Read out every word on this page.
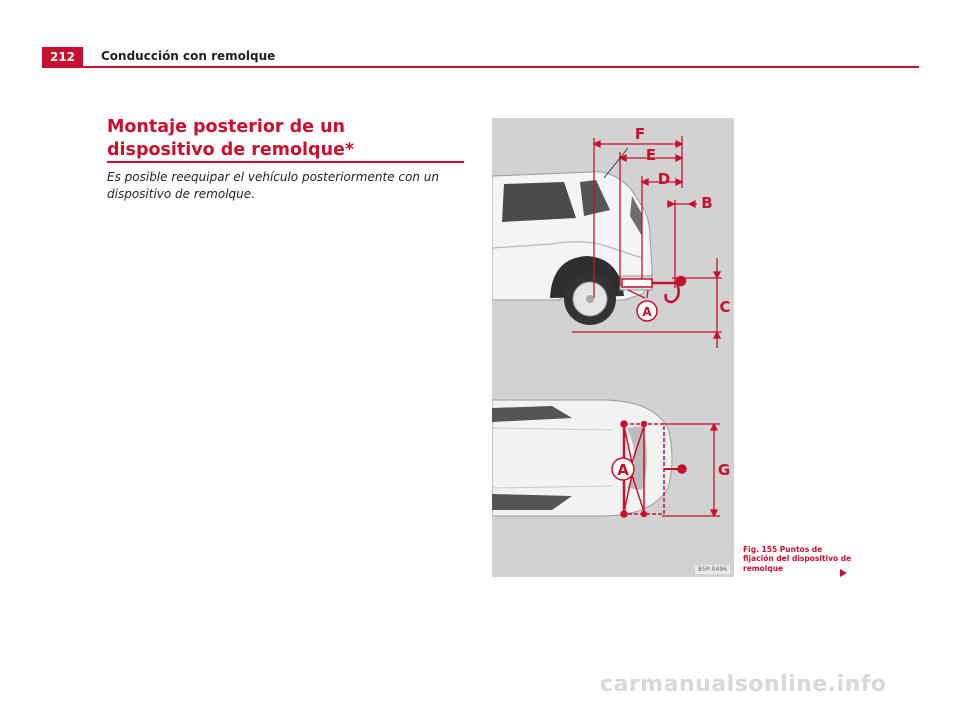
212	Conducción con remolque
Montaje posterior de un dispositivo de remolque*
Es posible reequipar el vehículo posteriormente con un dispositivo de remolque.
F
E
D
B
C
A
A	G
B5P-0496
Fig. 155 Puntos de fijación del dispositivo de remolque
carmanualsonline.info
